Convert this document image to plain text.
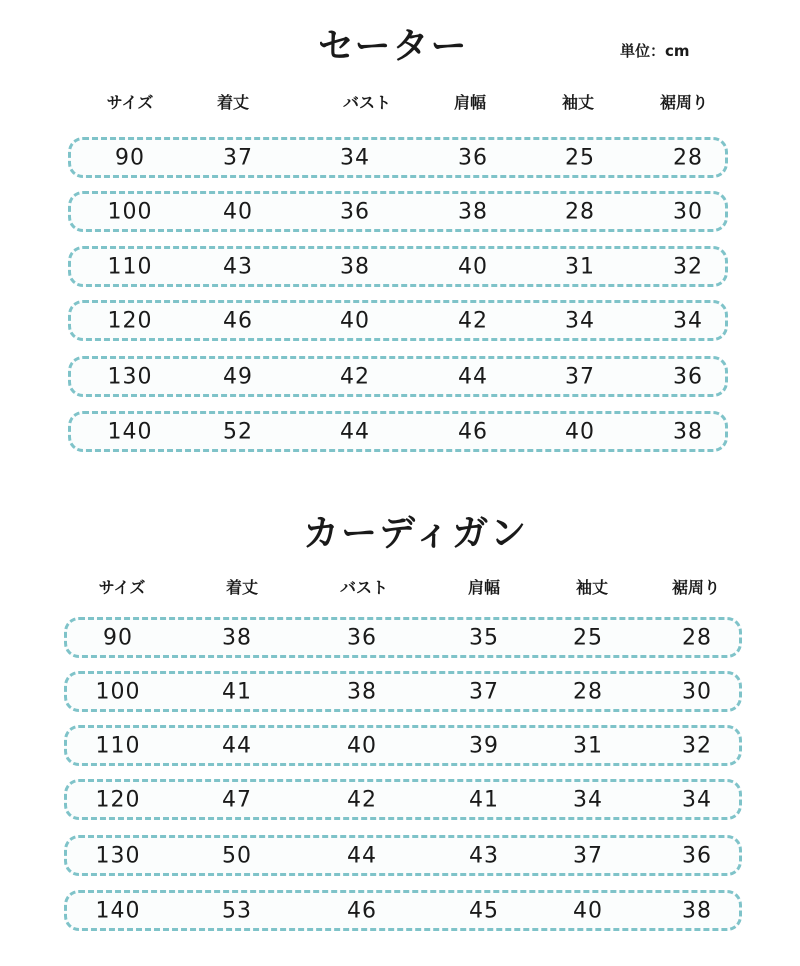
セーター	単位：cm
サイズ	着丈	バスト	肩幅	袖丈	裾周り
90	37	34	36	25	28
100	40	36	38	28	30
110	43	38	40	31	32
120	46	40	42	34	34
130	49	42	44	37	36
140	52	44	46	40	38
カーディガン
サイズ	着丈	バスト	肩幅	袖丈	裾周り
90	38	36	35	25	28
100	41	38	37	28	30
110	44	40	39	31	32
120	47	42	41	34	34
130	50	44	43	37	36
140	53	46	45	40	38
